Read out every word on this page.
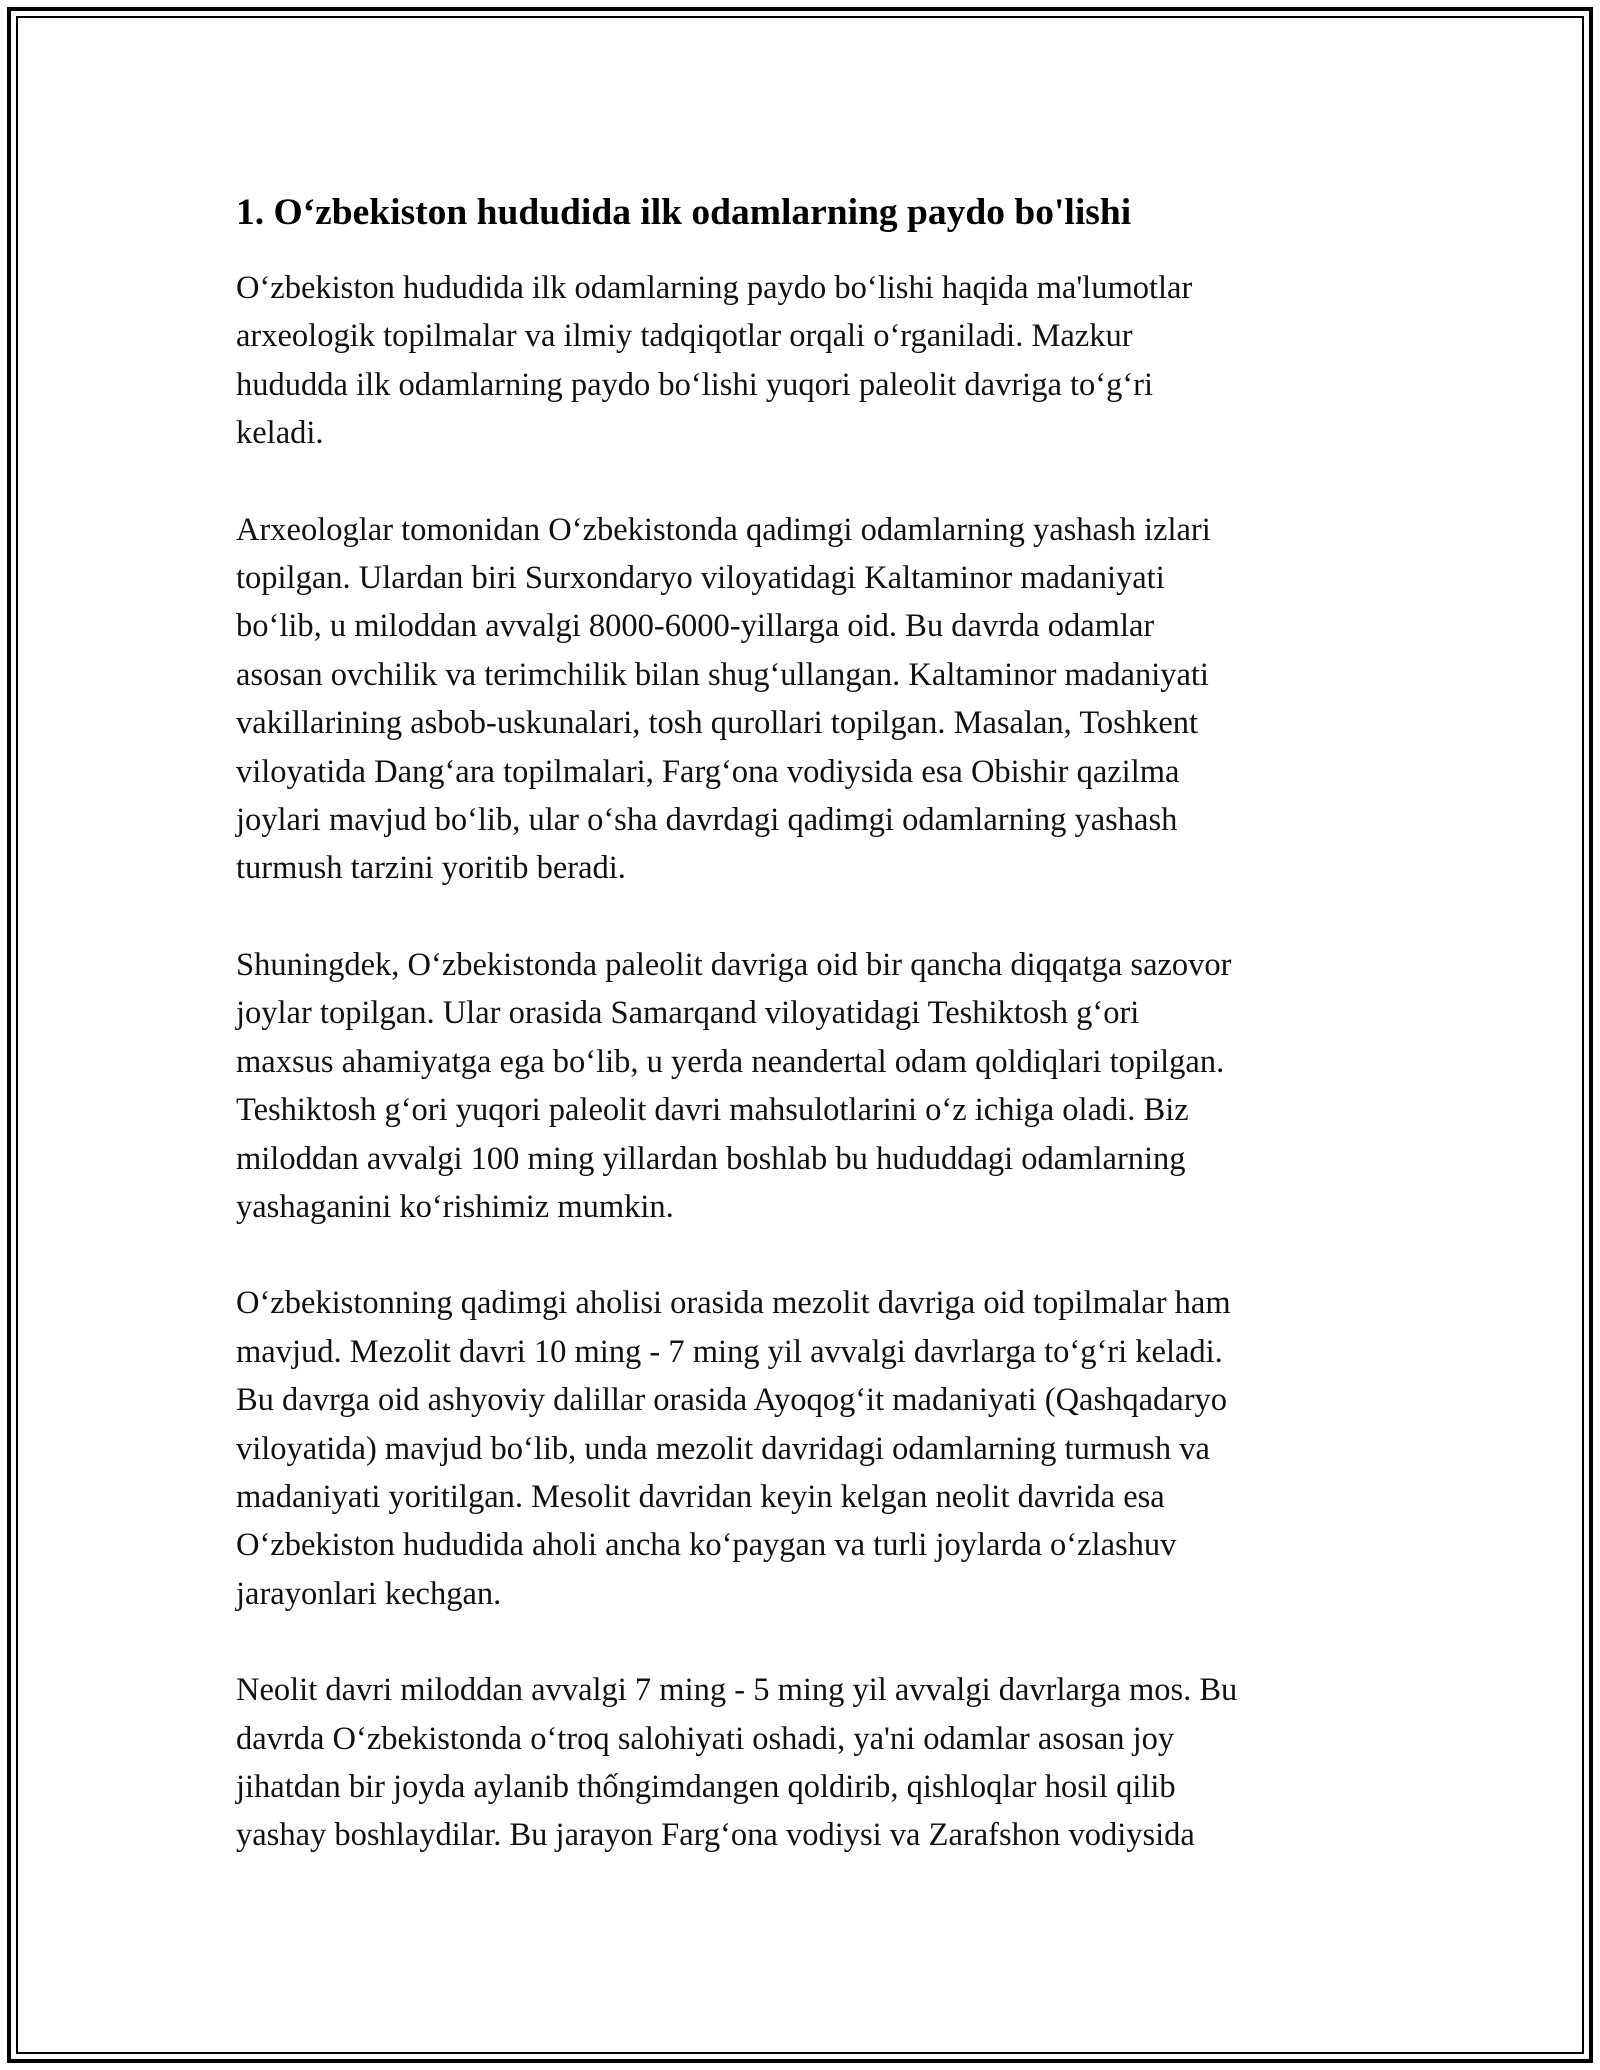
1. Oʻzbekiston hududida ilk odamlarning paydo bo'lishi

Oʻzbekiston hududida ilk odamlarning paydo boʻlishi haqida ma'lumotlar
arxeologik topilmalar va ilmiy tadqiqotlar orqali oʻrganiladi. Mazkur
hududda ilk odamlarning paydo boʻlishi yuqori paleolit davriga toʻgʻri
keladi.

Arxeologlar tomonidan Oʻzbekistonda qadimgi odamlarning yashash izlari
topilgan. Ulardan biri Surxondaryo viloyatidagi Kaltaminor madaniyati
boʻlib, u miloddan avvalgi 8000-6000-yillarga oid. Bu davrda odamlar
asosan ovchilik va terimchilik bilan shugʻullangan. Kaltaminor madaniyati
vakillarining asbob-uskunalari, tosh qurollari topilgan. Masalan, Toshkent
viloyatida Dangʻara topilmalari, Fargʻona vodiysida esa Obishir qazilma
joylari mavjud boʻlib, ular oʻsha davrdagi qadimgi odamlarning yashash
turmush tarzini yoritib beradi.

Shuningdek, Oʻzbekistonda paleolit davriga oid bir qancha diqqatga sazovor
joylar topilgan. Ular orasida Samarqand viloyatidagi Teshiktosh gʻori
maxsus ahamiyatga ega boʻlib, u yerda neandertal odam qoldiqlari topilgan.
Teshiktosh gʻori yuqori paleolit davri mahsulotlarini oʻz ichiga oladi. Biz
miloddan avvalgi 100 ming yillardan boshlab bu hududdagi odamlarning
yashaganini koʻrishimiz mumkin.

Oʻzbekistonning qadimgi aholisi orasida mezolit davriga oid topilmalar ham
mavjud. Mezolit davri 10 ming - 7 ming yil avvalgi davrlarga toʻgʻri keladi.
Bu davrga oid ashyoviy dalillar orasida Ayoqogʻit madaniyati (Qashqadaryo
viloyatida) mavjud boʻlib, unda mezolit davridagi odamlarning turmush va
madaniyati yoritilgan. Mesolit davridan keyin kelgan neolit davrida esa
Oʻzbekiston hududida aholi ancha koʻpaygan va turli joylarda oʻzlashuv
jarayonlari kechgan.

Neolit davri miloddan avvalgi 7 ming - 5 ming yil avvalgi davrlarga mos. Bu
davrda Oʻzbekistonda oʻtroq salohiyati oshadi, ya'ni odamlar asosan joy
jihatdan bir joyda aylanib thốngimdangen qoldirib, qishloqlar hosil qilib
yashay boshlaydilar. Bu jarayon Fargʻona vodiysi va Zarafshon vodiysida
